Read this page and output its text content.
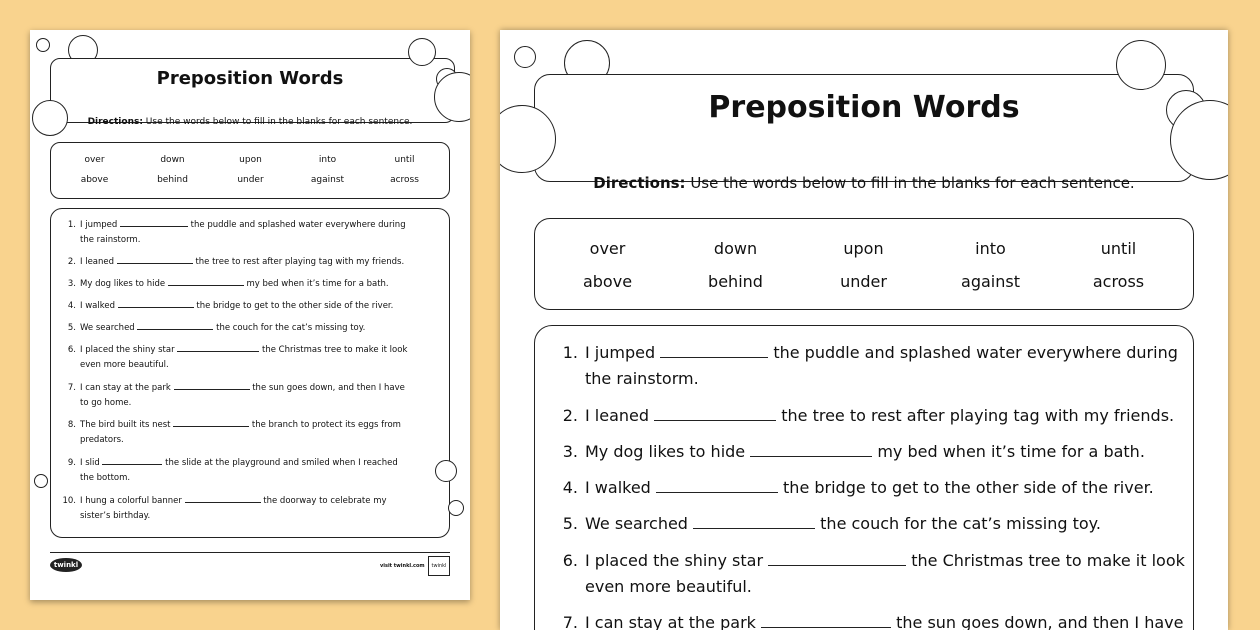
Preposition Words
Directions: Use the words below to fill in the blanks for each sentence.
over	down	upon	into	until
above	behind	under	against	across
1. I jumped	the puddle and splashed water everywhere during
the rainstorm.
2. I leaned	the tree to rest after playing tag with my friends.
3. My dog likes to hide	my bed when it’s time for a bath.
4. I walked	the bridge to get to the other side of the river.
5. We searched	the couch for the cat’s missing toy.
6. I placed the shiny star	the Christmas tree to make it look
even more beautiful.
7. I can stay at the park	the sun goes down, and then I have
to go home.
8. The bird built its nest	the branch to protect its eggs from
predators.
9. I slid	the slide at the playground and smiled when I reached
the bottom.
10. I hung a colorful banner	the doorway to celebrate my
sister’s birthday.
twinkl	visit twinkl.com	twinkl
Preposition Words
Directions: Use the words below to fill in the blanks for each sentence.
over	down	upon	into	until
above	behind	under	against	across
1. I jumped	the puddle and splashed water everywhere during
the rainstorm.
2. I leaned	the tree to rest after playing tag with my friends.
3. My dog likes to hide	my bed when it’s time for a bath.
4. I walked	the bridge to get to the other side of the river.
5. We searched	the couch for the cat’s missing toy.
6. I placed the shiny star	the Christmas tree to make it look
even more beautiful.
7. I can stay at the park	the sun goes down, and then I have
